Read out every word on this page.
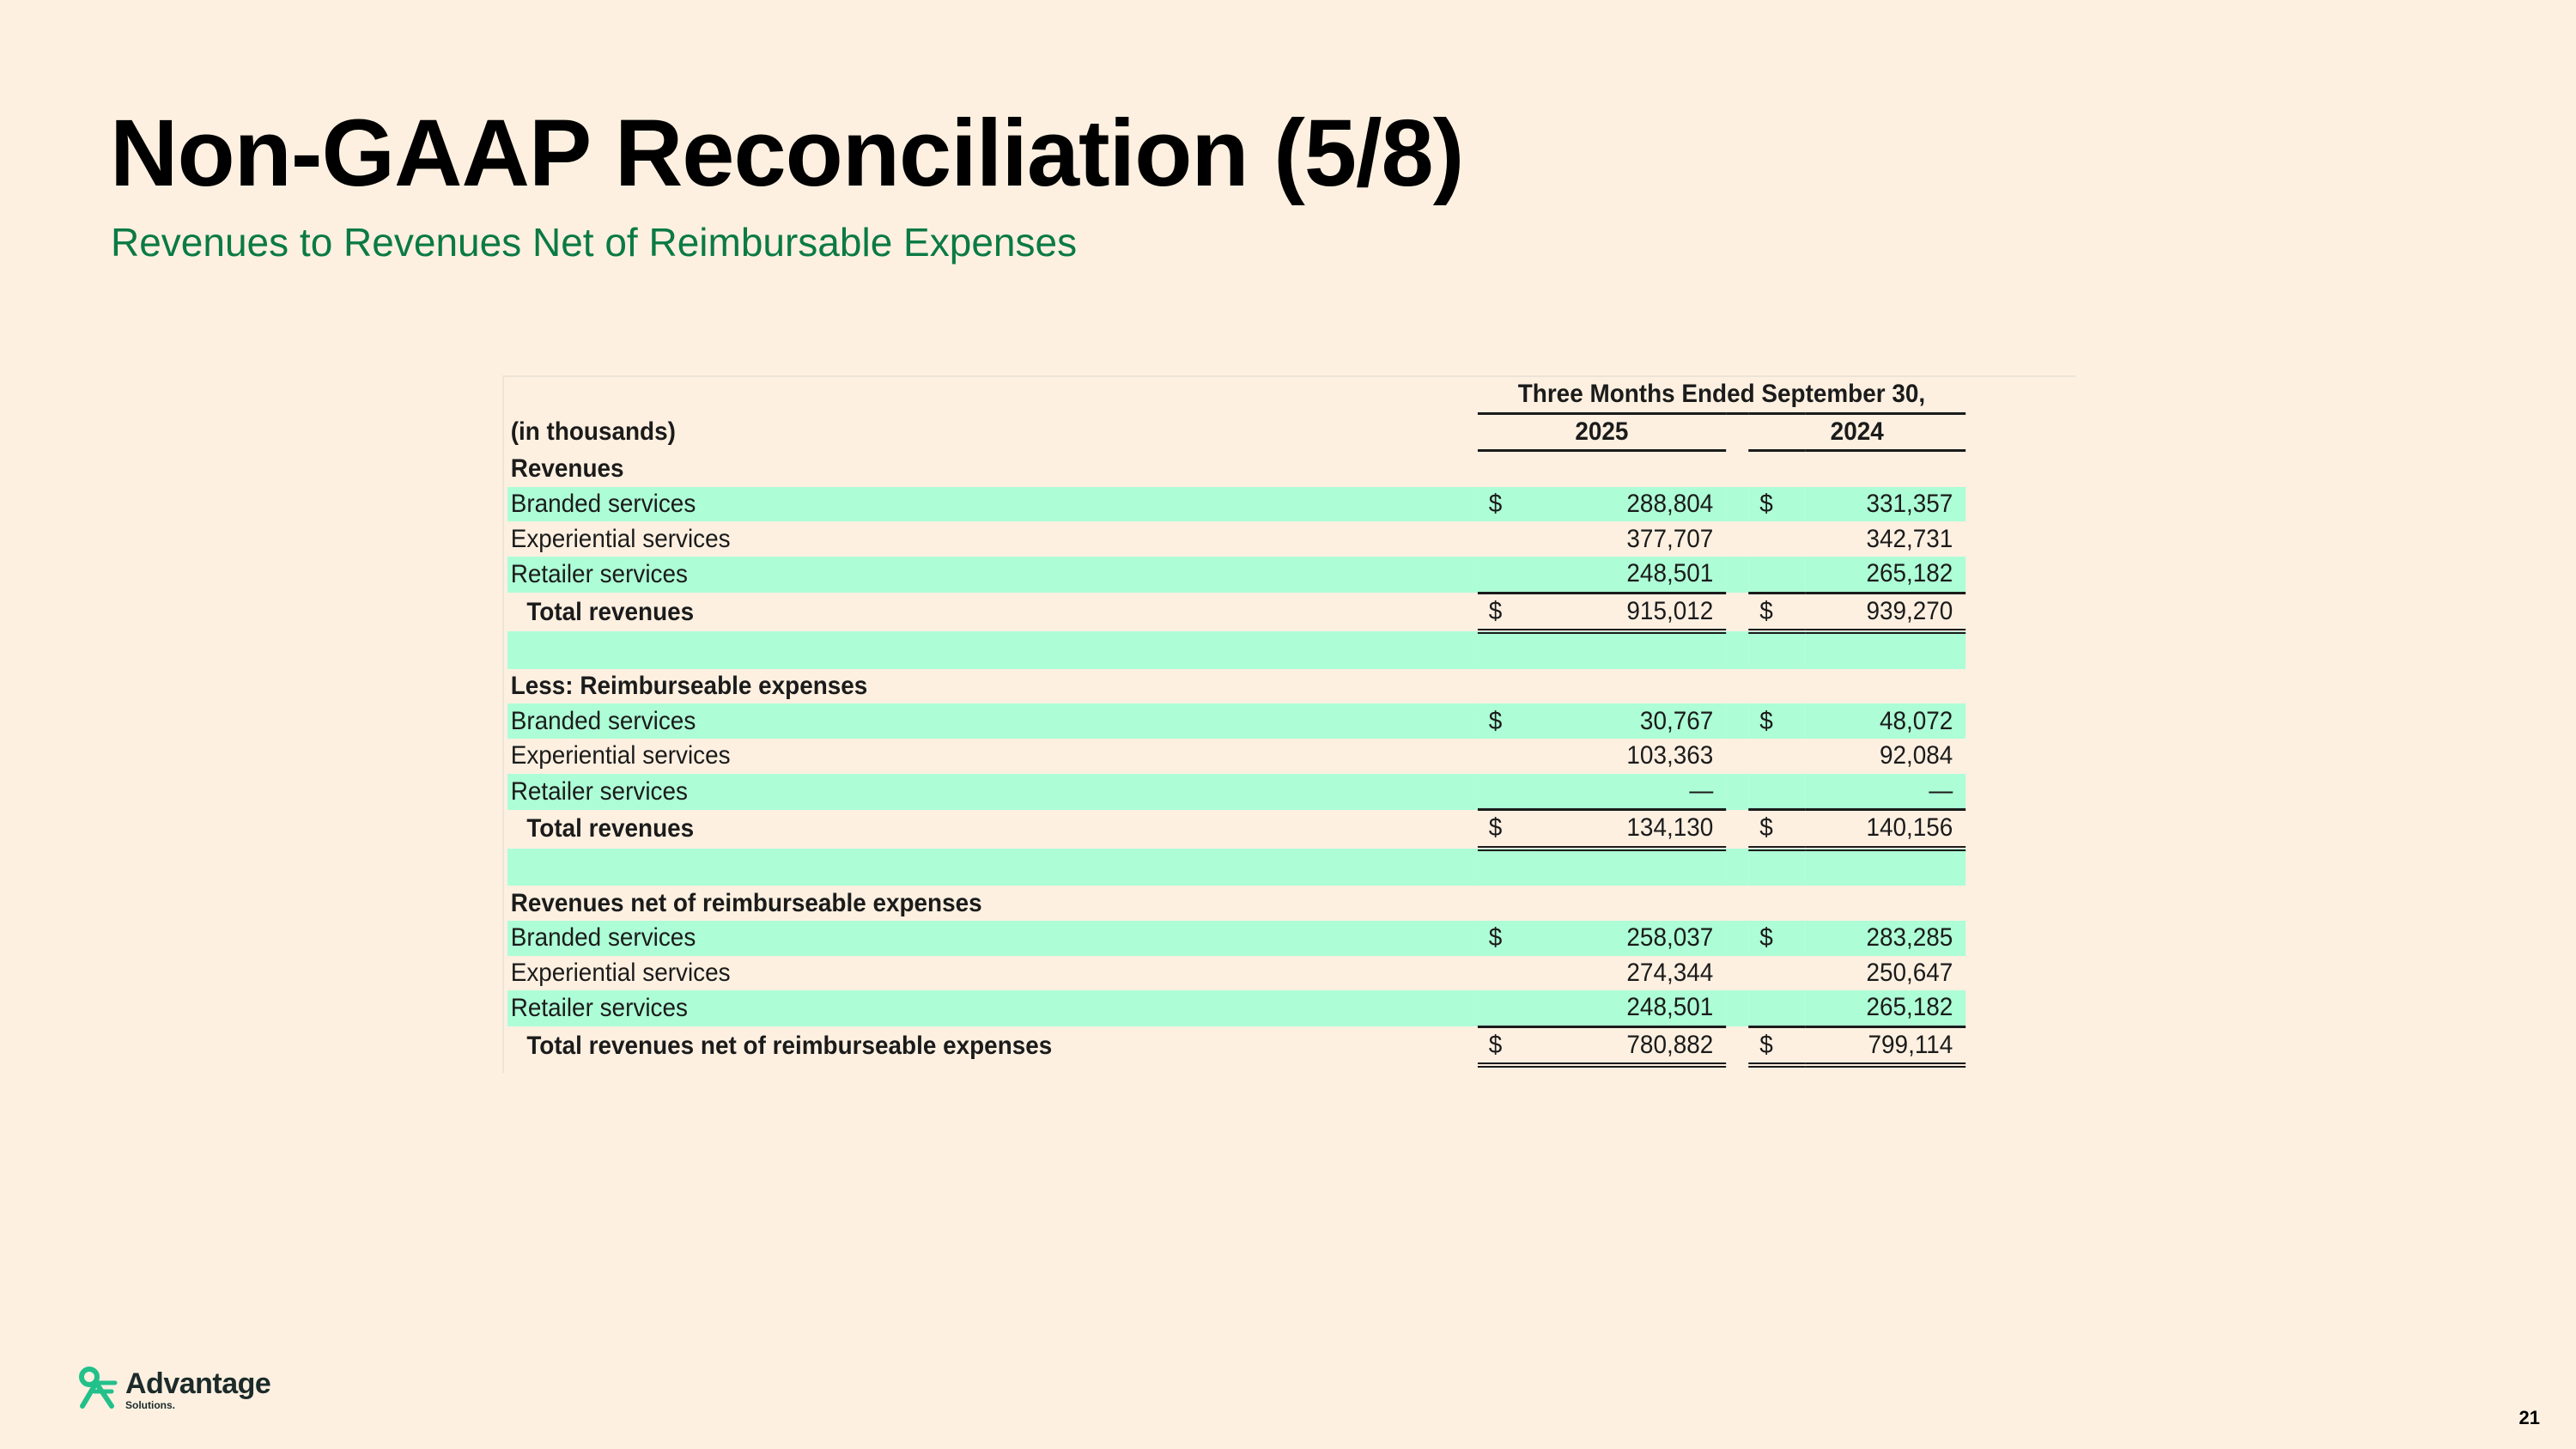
Non-GAAP Reconciliation (5/8)

Revenues to Revenues Net of Reimbursable Expenses

	Three Months Ended September 30,				
(in thousands)	2025			2024	
Revenues					
Branded services	$	288,804		$	331,357
Experiential services		377,707			342,731
Retailer services		248,501			265,182
Total revenues	$	915,012		$	939,270

Less: Reimburseable expenses					
Branded services	$	30,767		$	48,072
Experiential services		103,363			92,084
Retailer services		—			—
Total revenues	$	134,130		$	140,156

Revenues net of reimburseable expenses					
Branded services	$	258,037		$	283,285
Experiential services		274,344			250,647
Retailer services		248,501			265,182
Total revenues net of reimburseable expenses	$	780,882		$	799,114
Advantage
Solutions.
21
